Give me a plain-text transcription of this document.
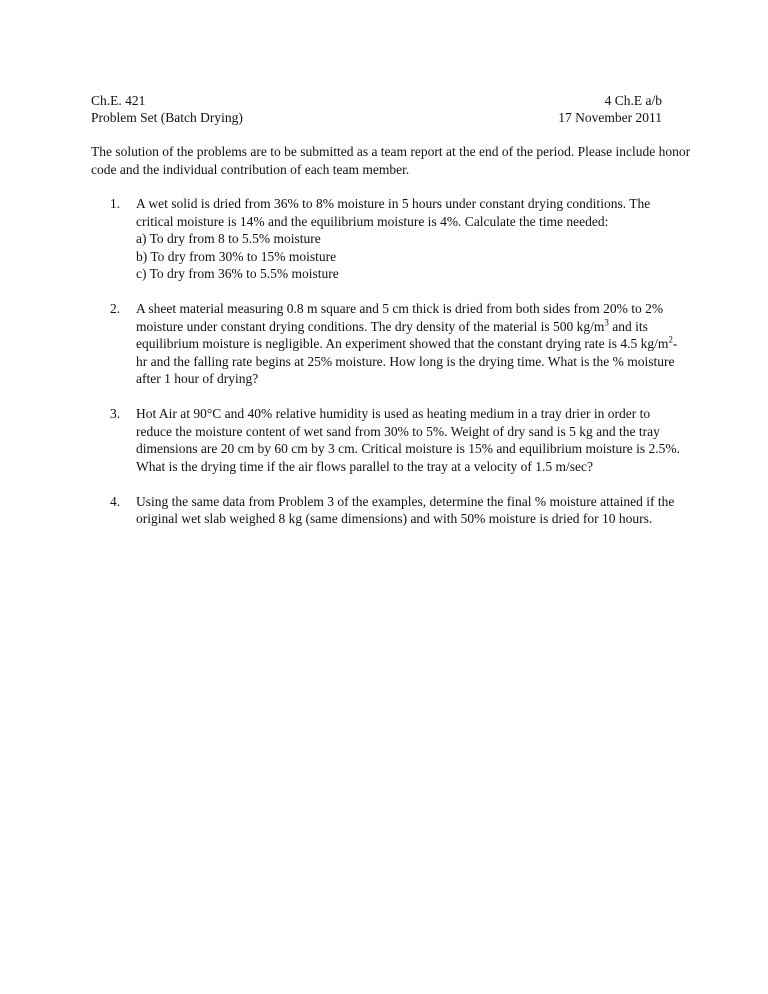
Ch.E. 421	4 Ch.E a/b
Problem Set (Batch Drying)	17 November 2011
The solution of the problems are to be submitted as a team report at the end of the period. Please include honor code and the individual contribution of each team member.
1.	A wet solid is dried from 36% to 8% moisture in 5 hours under constant drying conditions. The critical moisture is 14% and the equilibrium moisture is 4%. Calculate the time needed:
a) To dry from 8 to 5.5% moisture
b) To dry from 30% to 15% moisture
c) To dry from 36% to 5.5% moisture
2.	A sheet material measuring 0.8 m square and 5 cm thick is dried from both sides from 20% to 2% moisture under constant drying conditions. The dry density of the material is 500 $kg/m^3$ and its equilibrium moisture is negligible. An experiment showed that the constant drying rate is 4.5 $kg/m^2-hr$ and the falling rate begins at 25% moisture. How long is the drying time. What is the % moisture after 1 hour of drying?
3.	Hot Air at 90°C and 40% relative humidity is used as heating medium in a tray drier in order to reduce the moisture content of wet sand from 30% to 5%. Weight of dry sand is 5 kg and the tray dimensions are 20 cm by 60 cm by 3 cm. Critical moisture is 15% and equilibrium moisture is 2.5%. What is the drying time if the air flows parallel to the tray at a velocity of 1.5 m/sec?
4.	Using the same data from Problem 3 of the examples, determine the final % moisture attained if the original wet slab weighed 8 kg (same dimensions) and with 50% moisture is dried for 10 hours.
